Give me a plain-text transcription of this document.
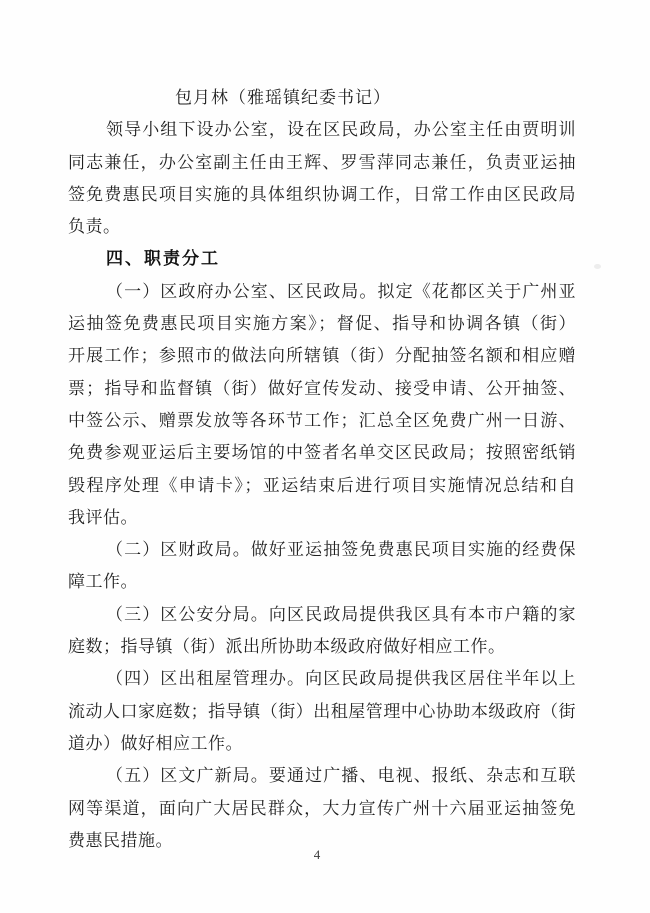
包月林（雅瑶镇纪委书记）
领导小组下设办公室，设在区民政局，办公室主任由贾明训
同志兼任，办公室副主任由王辉、罗雪萍同志兼任，负责亚运抽
签免费惠民项目实施的具体组织协调工作，日常工作由区民政局
负责。
四、职责分工
（一）区政府办公室、区民政局。拟定《花都区关于广州亚
运抽签免费惠民项目实施方案》；督促、指导和协调各镇（街）
开展工作；参照市的做法向所辖镇（街）分配抽签名额和相应赠
票；指导和监督镇（街）做好宣传发动、接受申请、公开抽签、
中签公示、赠票发放等各环节工作；汇总全区免费广州一日游、
免费参观亚运后主要场馆的中签者名单交区民政局；按照密纸销
毁程序处理《申请卡》；亚运结束后进行项目实施情况总结和自
我评估。
（二）区财政局。做好亚运抽签免费惠民项目实施的经费保
障工作。
（三）区公安分局。向区民政局提供我区具有本市户籍的家
庭数；指导镇（街）派出所协助本级政府做好相应工作。
（四）区出租屋管理办。向区民政局提供我区居住半年以上
流动人口家庭数；指导镇（街）出租屋管理中心协助本级政府（街
道办）做好相应工作。
（五）区文广新局。要通过广播、电视、报纸、杂志和互联
网等渠道，面向广大居民群众，大力宣传广州十六届亚运抽签免
费惠民措施。
4
